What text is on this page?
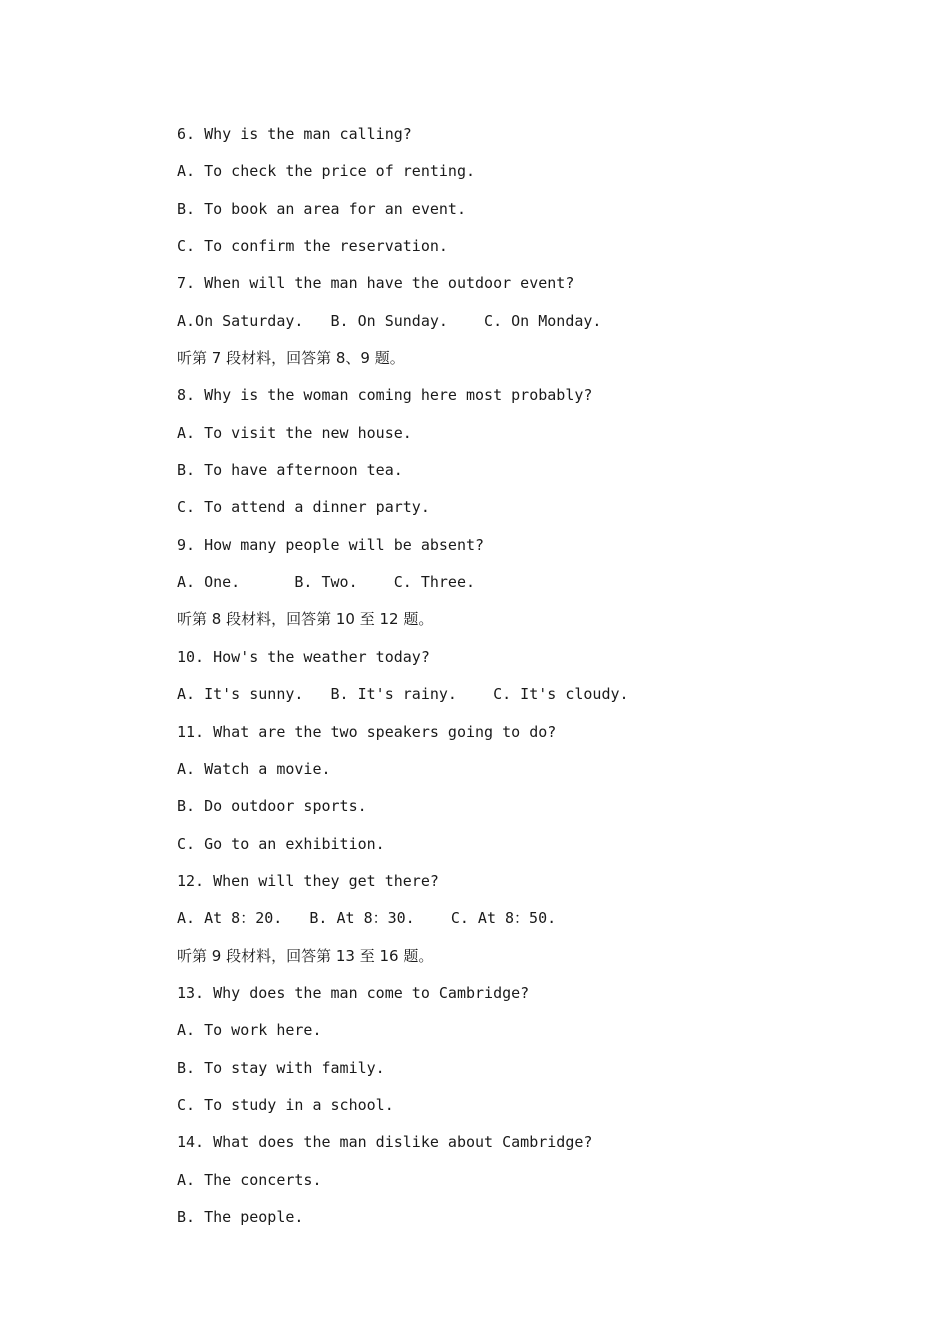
6. Why is the man calling?
A. To check the price of renting.
B. To book an area for an event.
C. To confirm the reservation.
7. When will the man have the outdoor event?
A.On Saturday.   B. On Sunday.    C. On Monday.
听第 7 段材料，回答第 8、9 题。
8. Why is the woman coming here most probably?
A. To visit the new house.
B. To have afternoon tea.
C. To attend a dinner party.
9. How many people will be absent?
A. One.      B. Two.    C. Three.
听第 8 段材料，回答第 10 至 12 题。
10. How's the weather today?
A. It's sunny.   B. It's rainy.    C. It's cloudy.
11. What are the two speakers going to do?
A. Watch a movie.
B. Do outdoor sports.
C. Go to an exhibition.
12. When will they get there?
A. At 8：20.   B. At 8：30.    C. At 8：50.
听第 9 段材料，回答第 13 至 16 题。
13. Why does the man come to Cambridge?
A. To work here.
B. To stay with family.
C. To study in a school.
14. What does the man dislike about Cambridge?
A. The concerts.
B. The people.
